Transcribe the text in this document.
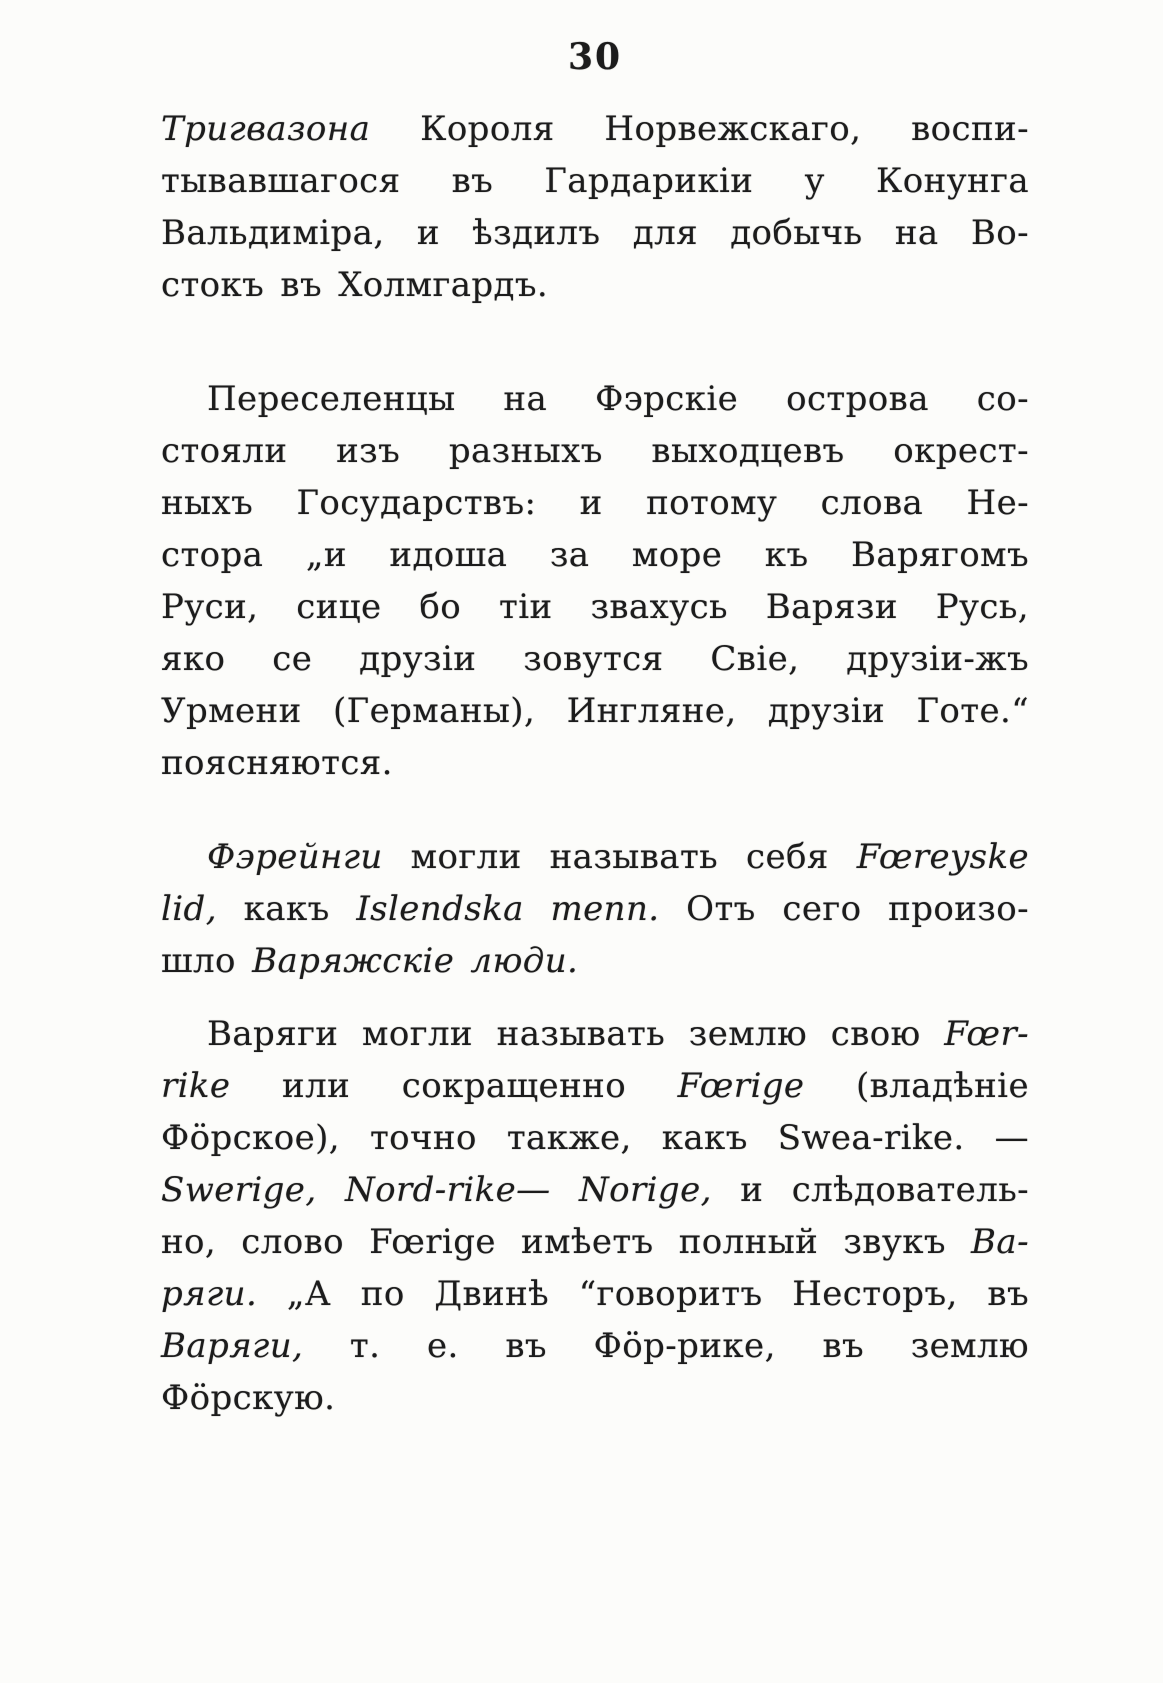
30
Тригвазона Короля Норвежскаго, воспи-
тывавшагося въ Гардарикіи у Конунга
Вальдиміра, и ѣздилъ для добычь на Во-
стокъ въ Холмгардъ.
Переселенцы на Фэрскіе острова со-
стояли изъ разныхъ выходцевъ окрест-
ныхъ Государствъ: и потому слова Не-
стора „и идоша за море къ Варягомъ
Руси, сице бо тіи звахусь Варязи Русь,
яко се друзіи зовутся Свіе, друзіи-жъ
Урмени (Германы), Ингляне, друзіи Готе.“
поясняются.
Фэрейнги могли называть себя Fœreyske
lid, какъ Islendska menn. Отъ сего произо-
шло Варяжскіе люди.
Варяги могли называть землю свою Fœr-
rike или сокращенно Fœrige (владѣніе
Фöрское), точно также, какъ Swea-rike. —
Swerige, Nord-rike— Norige, и слѣдователь-
но, слово Fœrige имѣетъ полный звукъ Ва-
ряги. „А по Двинѣ “говоритъ Несторъ, въ
Варяги, т. е. въ Фöр-рике, въ землю
Фöрскую.
